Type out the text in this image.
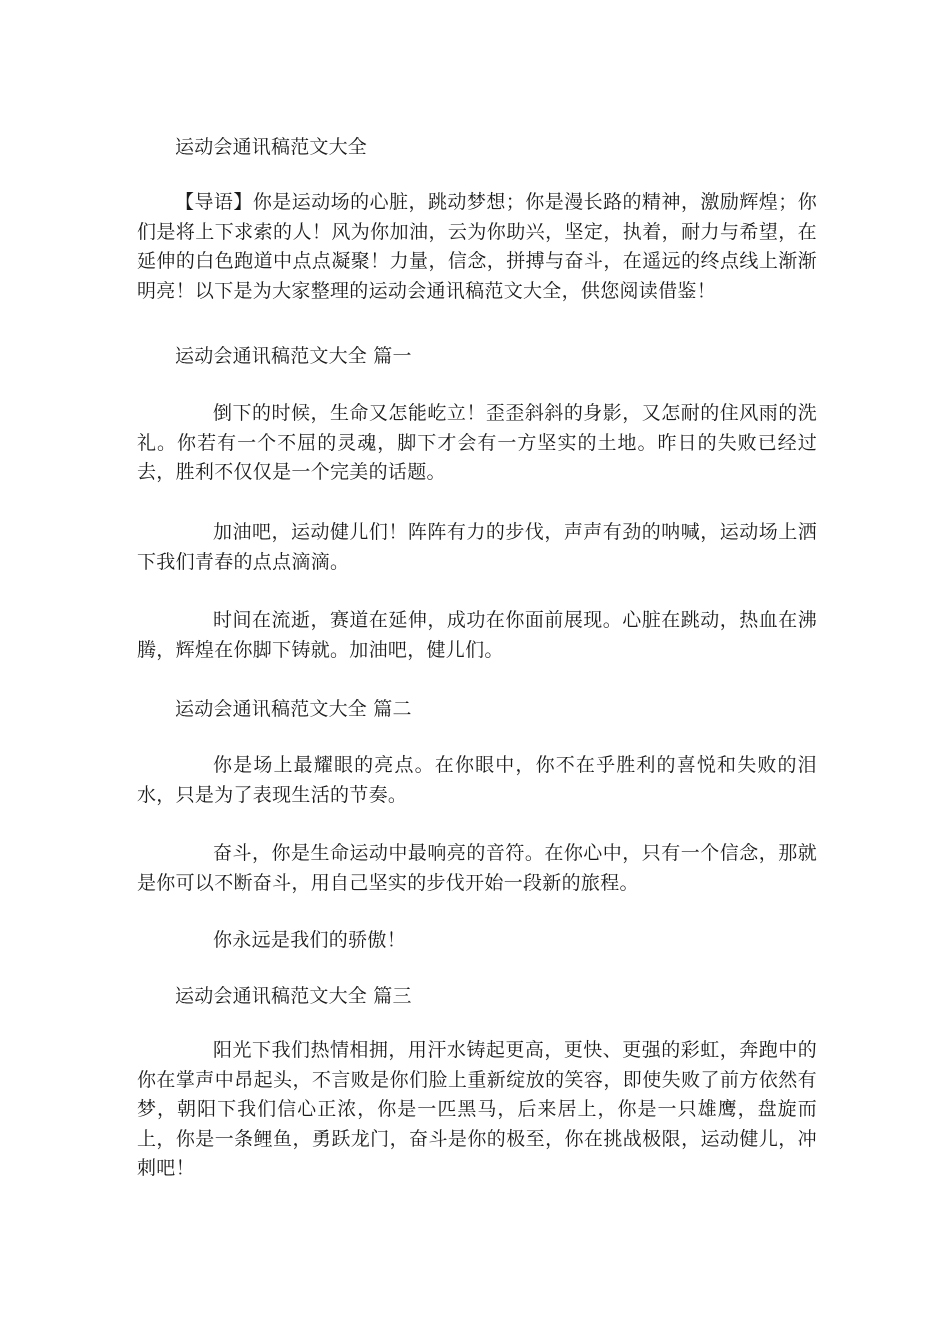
运动会通讯稿范文大全
【导语】你是运动场的心脏，跳动梦想；你是漫长路的精神，激励辉煌；你们是将上下求索的人！风为你加油，云为你助兴，坚定，执着，耐力与希望，在延伸的白色跑道中点点凝聚！力量，信念，拼搏与奋斗，在遥远的终点线上渐渐明亮！以下是为大家整理的运动会通讯稿范文大全，供您阅读借鉴！
运动会通讯稿范文大全 篇一
倒下的时候，生命又怎能屹立！歪歪斜斜的身影，又怎耐的住风雨的洗礼。你若有一个不屈的灵魂，脚下才会有一方坚实的土地。昨日的失败已经过去，胜利不仅仅是一个完美的话题。
加油吧，运动健儿们！阵阵有力的步伐，声声有劲的呐喊，运动场上洒下我们青春的点点滴滴。
时间在流逝，赛道在延伸，成功在你面前展现。心脏在跳动，热血在沸腾，辉煌在你脚下铸就。加油吧，健儿们。
运动会通讯稿范文大全 篇二
你是场上最耀眼的亮点。在你眼中，你不在乎胜利的喜悦和失败的泪水，只是为了表现生活的节奏。
奋斗，你是生命运动中最响亮的音符。在你心中，只有一个信念，那就是你可以不断奋斗，用自己坚实的步伐开始一段新的旅程。
你永远是我们的骄傲！
运动会通讯稿范文大全 篇三
阳光下我们热情相拥，用汗水铸起更高，更快、更强的彩虹，奔跑中的你在掌声中昂起头，不言败是你们脸上重新绽放的笑容，即使失败了前方依然有梦，朝阳下我们信心正浓，你是一匹黑马，后来居上，你是一只雄鹰，盘旋而上，你是一条鲤鱼，勇跃龙门，奋斗是你的极至，你在挑战极限，运动健儿，冲刺吧！
